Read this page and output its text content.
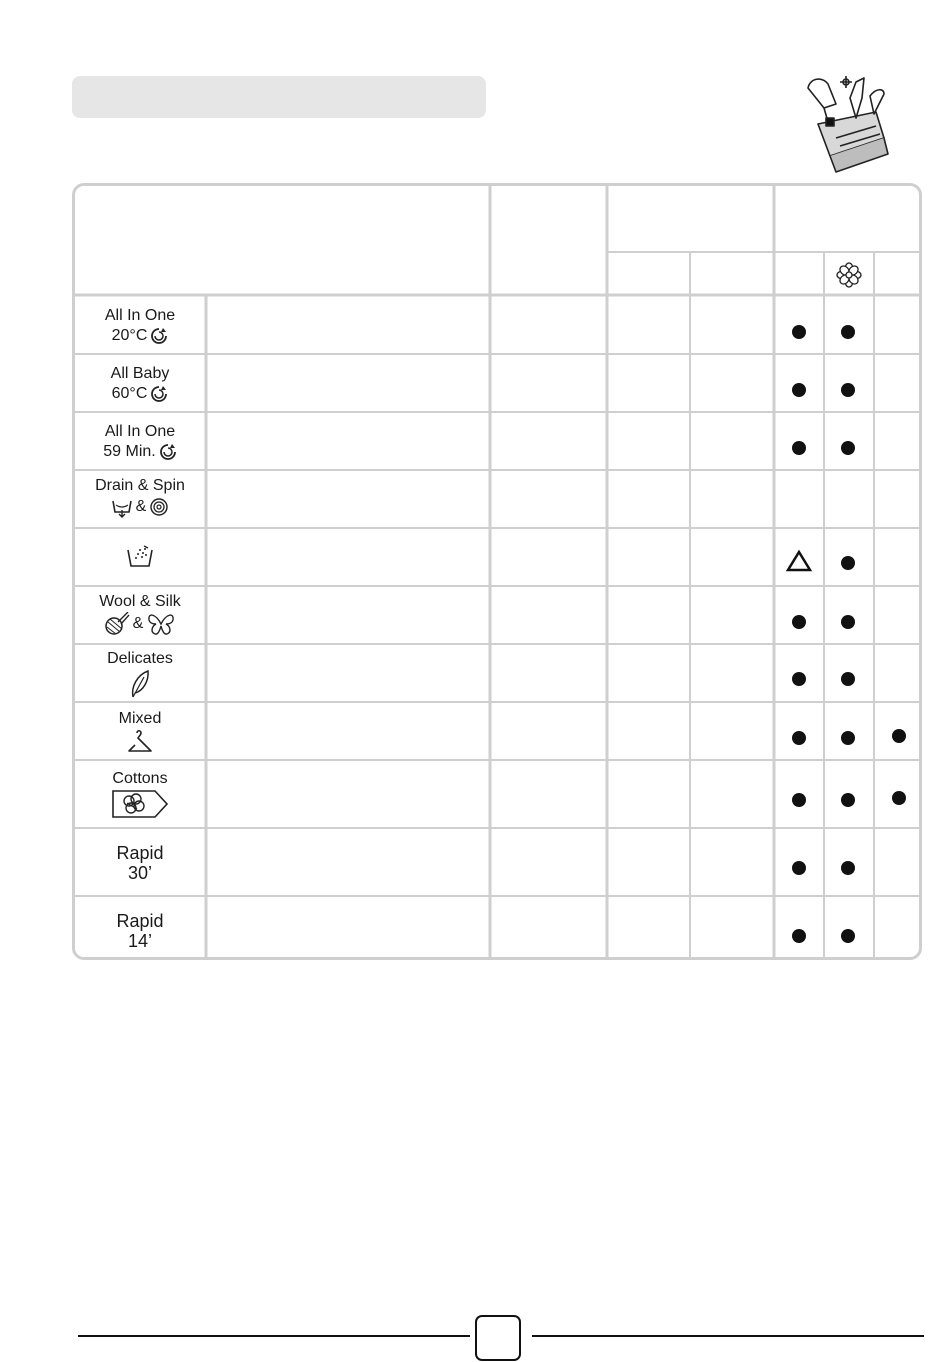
All In One
20°C
All Baby
60°C
All In One
59 Min.
Drain & Spin
&
Wool & Silk
&
Delicates
Mixed
Cottons
Rapid
30’
Rapid
14’
